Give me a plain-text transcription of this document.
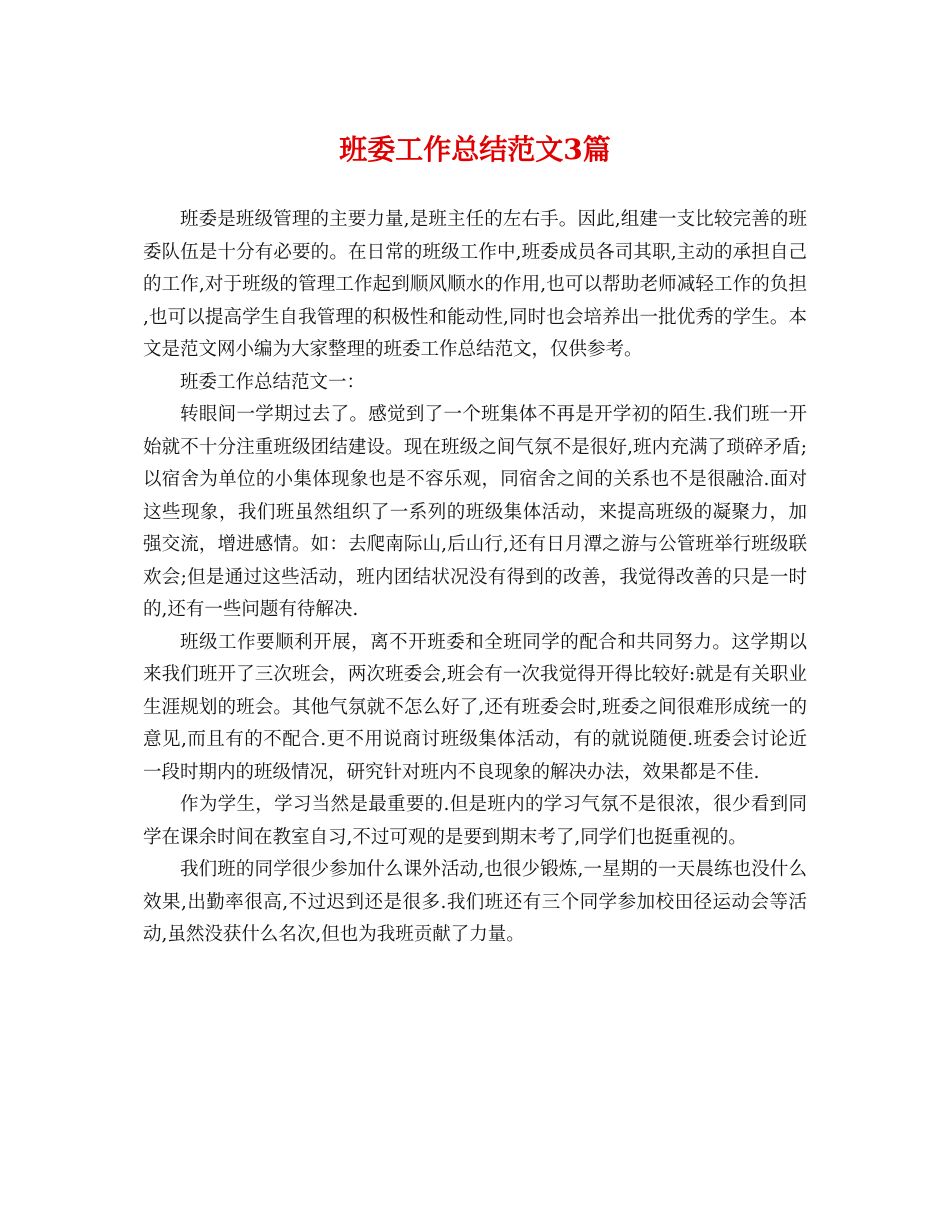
班委工作总结范文3篇

班委是班级管理的主要力量,是班主任的左右手。因此,组建一支比较完善的班委队伍是十分有必要的。在日常的班级工作中,班委成员各司其职,主动的承担自己的工作,对于班级的管理工作起到顺风顺水的作用,也可以帮助老师减轻工作的负担,也可以提高学生自我管理的积极性和能动性,同时也会培养出一批优秀的学生。本文是范文网小编为大家整理的班委工作总结范文，仅供参考。

班委工作总结范文一：

转眼间一学期过去了。感觉到了一个班集体不再是开学初的陌生.我们班一开始就不十分注重班级团结建设。现在班级之间气氛不是很好,班内充满了琐碎矛盾;以宿舍为单位的小集体现象也是不容乐观，同宿舍之间的关系也不是很融洽.面对这些现象，我们班虽然组织了一系列的班级集体活动，来提高班级的凝聚力，加强交流，增进感情。如：去爬南际山,后山行,还有日月潭之游与公管班举行班级联欢会;但是通过这些活动，班内团结状况没有得到的改善，我觉得改善的只是一时的,还有一些问题有待解决.

班级工作要顺利开展，离不开班委和全班同学的配合和共同努力。这学期以来我们班开了三次班会，两次班委会,班会有一次我觉得开得比较好:就是有关职业生涯规划的班会。其他气氛就不怎么好了,还有班委会时,班委之间很难形成统一的意见,而且有的不配合.更不用说商讨班级集体活动，有的就说随便.班委会讨论近一段时期内的班级情况，研究针对班内不良现象的解决办法，效果都是不佳.

作为学生，学习当然是最重要的.但是班内的学习气氛不是很浓，很少看到同学在课余时间在教室自习,不过可观的是要到期末考了,同学们也挺重视的。

我们班的同学很少参加什么课外活动,也很少锻炼,一星期的一天晨练也没什么效果,出勤率很高,不过迟到还是很多.我们班还有三个同学参加校田径运动会等活动,虽然没获什么名次,但也为我班贡献了力量。
